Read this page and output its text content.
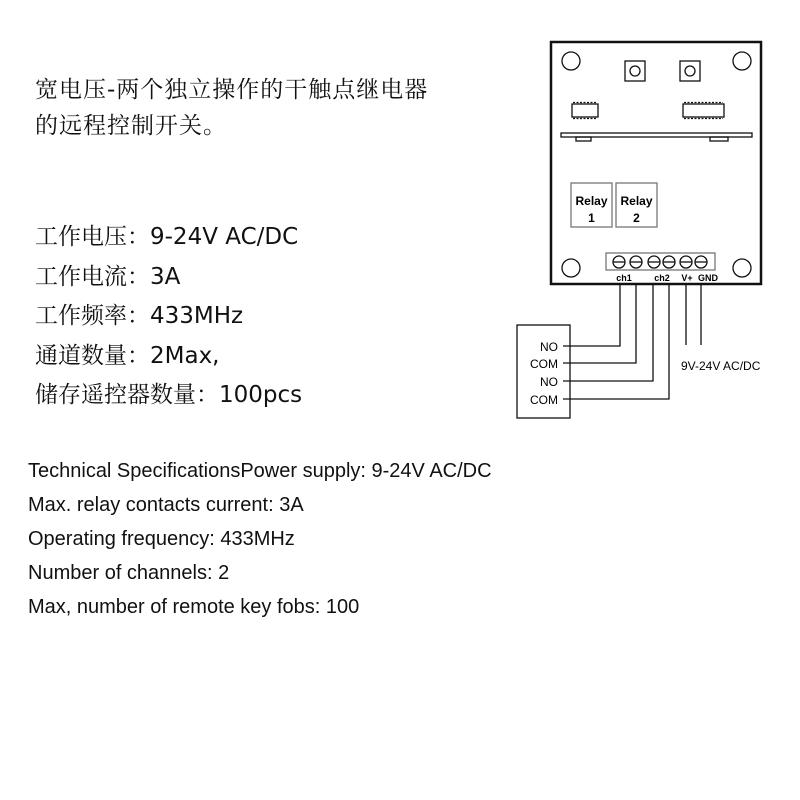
宽电压-两个独立操作的干触点继电器
的远程控制开关。
工作电压：9-24V AC/DC
工作电流：3A
工作频率：433MHz
通道数量：2Max,
储存遥控器数量：100pcs
Technical SpecificationsPower supply: 9-24V AC/DC
Max. relay contacts current: 3A
Operating frequency: 433MHz
Number of channels: 2
Max, number of remote key fobs: 100
Relay
1
Relay
2
ch1 ch2 V+ GND
NO
COM
NO
COM
9V-24V AC/DC
